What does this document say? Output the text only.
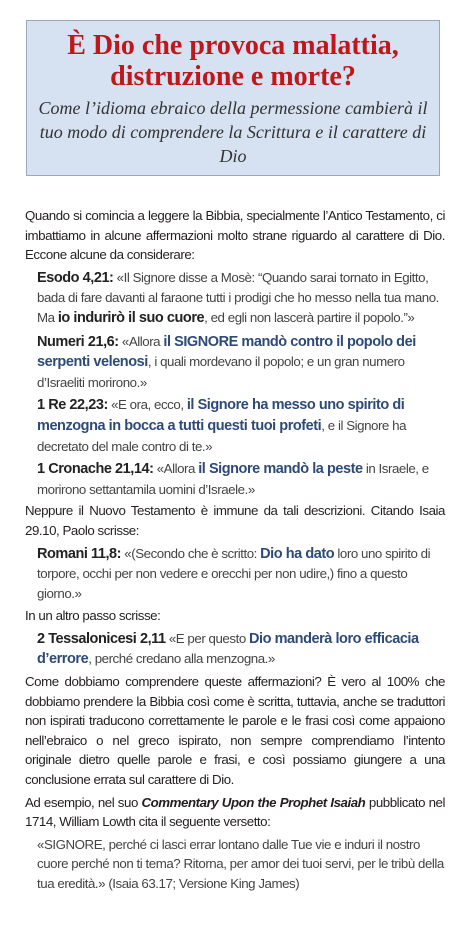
È Dio che provoca malattia,
distruzione e morte?
Come l’idioma ebraico della permessione cambierà il tuo modo di comprendere la Scrittura e il carattere di Dio

Quando si comincia a leggere la Bibbia, specialmente l’Antico Testamento, ci imbattiamo in alcune affermazioni molto strane riguardo al carattere di Dio. Eccone alcune da considerare:

Esodo 4,21: «Il Signore disse a Mosè: “Quando sarai tornato in Egitto, bada di fare davanti al faraone tutti i prodigi che ho messo nella tua mano. Ma io indurirò il suo cuore, ed egli non lascerà partire il popolo.”»

Numeri 21,6: «Allora il SIGNORE mandò contro il popolo dei serpenti velenosi, i quali mordevano il popolo; e un gran numero d’Israeliti morirono.»

1 Re 22,23: «E ora, ecco, il Signore ha messo uno spirito di menzogna in bocca a tutti questi tuoi profeti, e il Signore ha decretato del male contro di te.»

1 Cronache 21,14: «Allora il Signore mandò la peste in Israele, e morirono settantamila uomini d’Israele.»

Neppure il Nuovo Testamento è immune da tali descrizioni. Citando Isaia 29.10, Paolo scrisse:

Romani 11,8: «(Secondo che è scritto: Dio ha dato loro uno spirito di torpore, occhi per non vedere e orecchi per non udire,) fino a questo giorno.»

In un altro passo scrisse:

2 Tessalonicesi 2,11 «E per questo Dio manderà loro efficacia d’errore, perché credano alla menzogna.»

Come dobbiamo comprendere queste affermazioni? È vero al 100% che dobbiamo prendere la Bibbia così come è scritta, tuttavia, anche se traduttori non ispirati traducono correttamente le parole e le frasi così come appaiono nell’ebraico o nel greco ispirato, non sempre comprendiamo l’intento originale dietro quelle parole e frasi, e così possiamo giungere a una conclusione errata sul carattere di Dio.

Ad esempio, nel suo Commentary Upon the Prophet Isaiah pubblicato nel 1714, William Lowth cita il seguente versetto:

«SIGNORE, perché ci lasci errar lontano dalle Tue vie e induri il nostro cuore perché non ti tema? Ritorna, per amor dei tuoi servi, per le tribù della tua eredità.» (Isaia 63.17; Versione King James)
